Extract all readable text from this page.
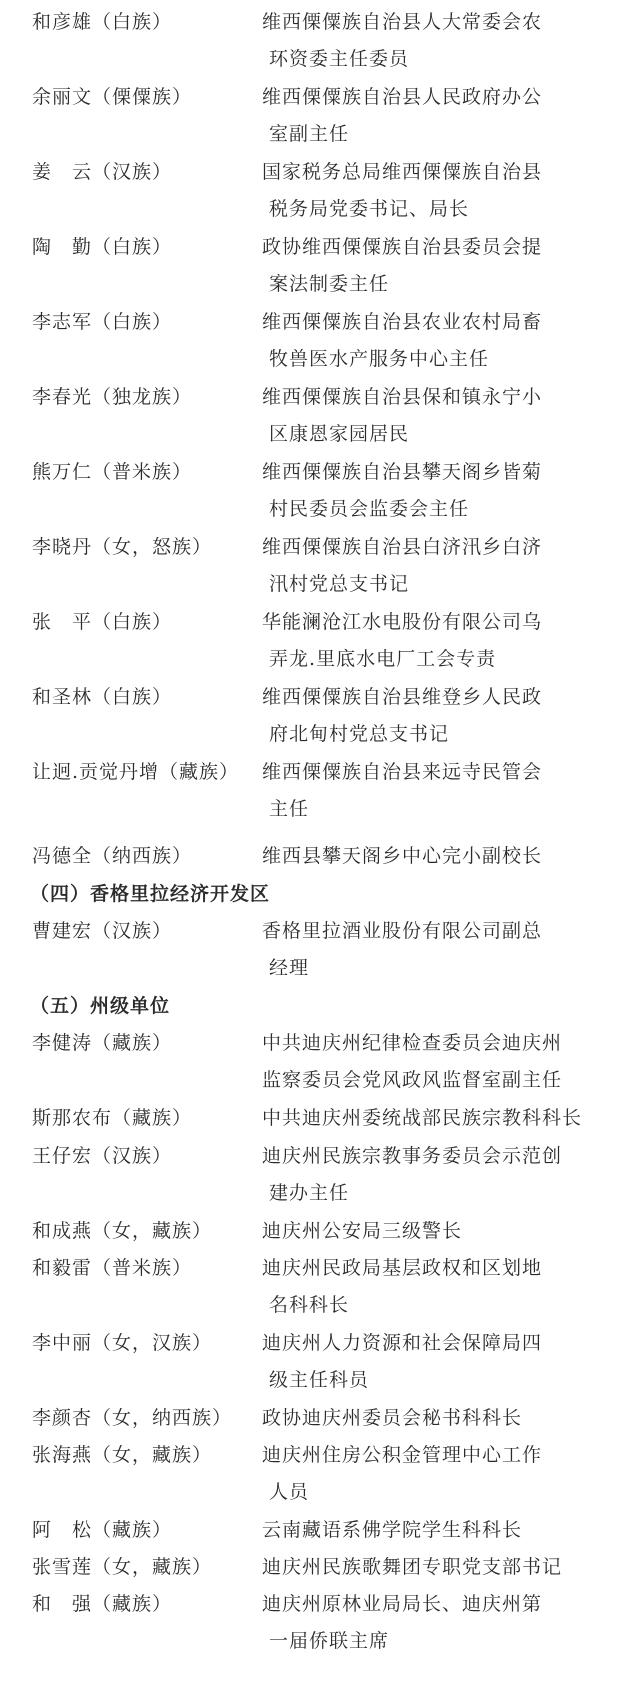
和彦雄（白族）	维西傈僳族自治县人大常委会农
环资委主任委员
余丽文（傈僳族）	维西傈僳族自治县人民政府办公
室副主任
姜　云（汉族）	国家税务总局维西傈僳族自治县
税务局党委书记、局长
陶　勤（白族）	政协维西傈僳族自治县委员会提
案法制委主任
李志军（白族）	维西傈僳族自治县农业农村局畜
牧兽医水产服务中心主任
李春光（独龙族）	维西傈僳族自治县保和镇永宁小
区康恩家园居民
熊万仁（普米族）	维西傈僳族自治县攀天阁乡皆菊
村民委员会监委会主任
李晓丹（女，怒族）	维西傈僳族自治县白济汛乡白济
汛村党总支书记
张　平（白族）	华能澜沧江水电股份有限公司乌
弄龙.里底水电厂工会专责
和圣林（白族）	维西傈僳族自治县维登乡人民政
府北甸村党总支书记
让迥.贡觉丹增（藏族） 维西傈僳族自治县来远寺民管会
主任
冯德全（纳西族）	维西县攀天阁乡中心完小副校长
（四）香格里拉经济开发区
曹建宏（汉族）	香格里拉酒业股份有限公司副总
经理
（五）州级单位
李健涛（藏族）	中共迪庆州纪律检查委员会迪庆州
监察委员会党风政风监督室副主任
斯那农布（藏族）	中共迪庆州委统战部民族宗教科科长
王仔宏（汉族）	迪庆州民族宗教事务委员会示范创
建办主任
和成燕（女，藏族）	迪庆州公安局三级警长
和毅雷（普米族）	迪庆州民政局基层政权和区划地
名科科长
李中丽（女，汉族）	迪庆州人力资源和社会保障局四
级主任科员
李颜杏（女，纳西族） 政协迪庆州委员会秘书科科长
张海燕（女，藏族）	迪庆州住房公积金管理中心工作
人员
阿　松（藏族）	云南藏语系佛学院学生科科长
张雪莲（女，藏族）	迪庆州民族歌舞团专职党支部书记
和　强（藏族）	迪庆州原林业局局长、迪庆州第
一届侨联主席
